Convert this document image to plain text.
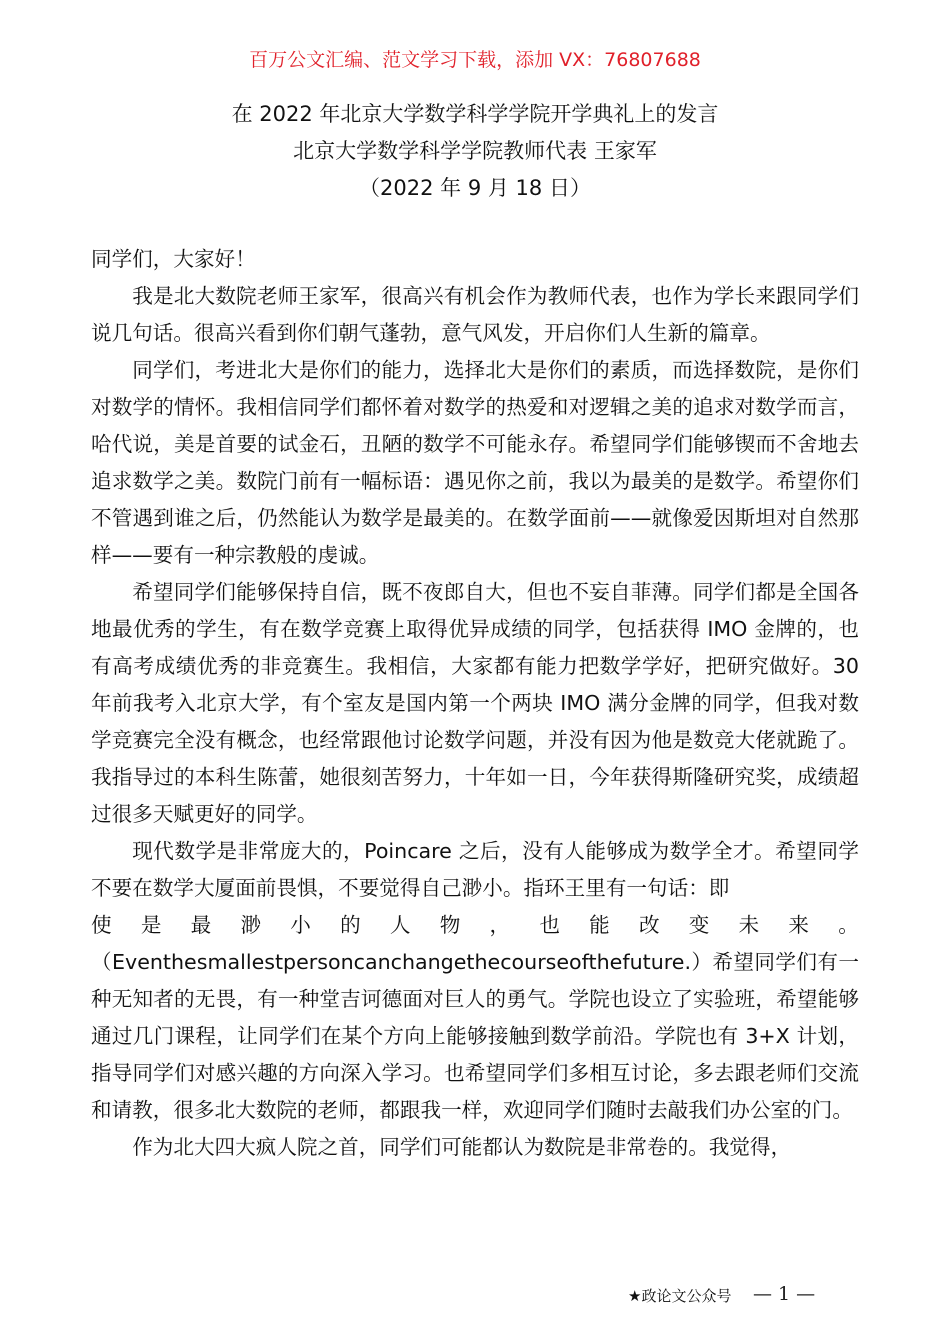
百万公文汇编、范文学习下载，添加 VX：76807688
在 2022 年北京大学数学科学学院开学典礼上的发言
北京大学数学科学学院教师代表 王家军
（2022 年 9 月 18 日）

同学们，大家好！

我是北大数院老师王家军，很高兴有机会作为教师代表，也作为学长来跟同学们说几句话。很高兴看到你们朝气蓬勃，意气风发，开启你们人生新的篇章。

同学们，考进北大是你们的能力，选择北大是你们的素质，而选择数院，是你们对数学的情怀。我相信同学们都怀着对数学的热爱和对逻辑之美的追求对数学而言，哈代说，美是首要的试金石，丑陋的数学不可能永存。希望同学们能够锲而不舍地去追求数学之美。数院门前有一幅标语：遇见你之前，我以为最美的是数学。希望你们不管遇到谁之后，仍然能认为数学是最美的。在数学面前——就像爱因斯坦对自然那样——要有一种宗教般的虔诚。

希望同学们能够保持自信，既不夜郎自大，但也不妄自菲薄。同学们都是全国各地最优秀的学生，有在数学竞赛上取得优异成绩的同学，包括获得 IMO 金牌的，也有高考成绩优秀的非竞赛生。我相信，大家都有能力把数学学好，把研究做好。30 年前我考入北京大学，有个室友是国内第一个两块 IMO 满分金牌的同学，但我对数学竞赛完全没有概念，也经常跟他讨论数学问题，并没有因为他是数竞大佬就跪了。我指导过的本科生陈蕾，她很刻苦努力，十年如一日，今年获得斯隆研究奖，成绩超过很多天赋更好的同学。

现代数学是非常庞大的，Poincare 之后，没有人能够成为数学全才。希望同学不要在数学大厦面前畏惧，不要觉得自己渺小。指环王里有一句话：即

使 是 最 渺 小 的 人 物 ， 也 能 改 变 未 来 。

（Eventhesmallestpersoncanchangethecourseofthefuture.）希望同学们有一种无知者的无畏，有一种堂吉诃德面对巨人的勇气。学院也设立了实验班，希望能够通过几门课程，让同学们在某个方向上能够接触到数学前沿。学院也有 3+X 计划，指导同学们对感兴趣的方向深入学习。也希望同学们多相互讨论，多去跟老师们交流和请教，很多北大数院的老师，都跟我一样，欢迎同学们随时去敲我们办公室的门。

作为北大四大疯人院之首，同学们可能都认为数院是非常卷的。我觉得，

★政论文公众号 — 1 —
